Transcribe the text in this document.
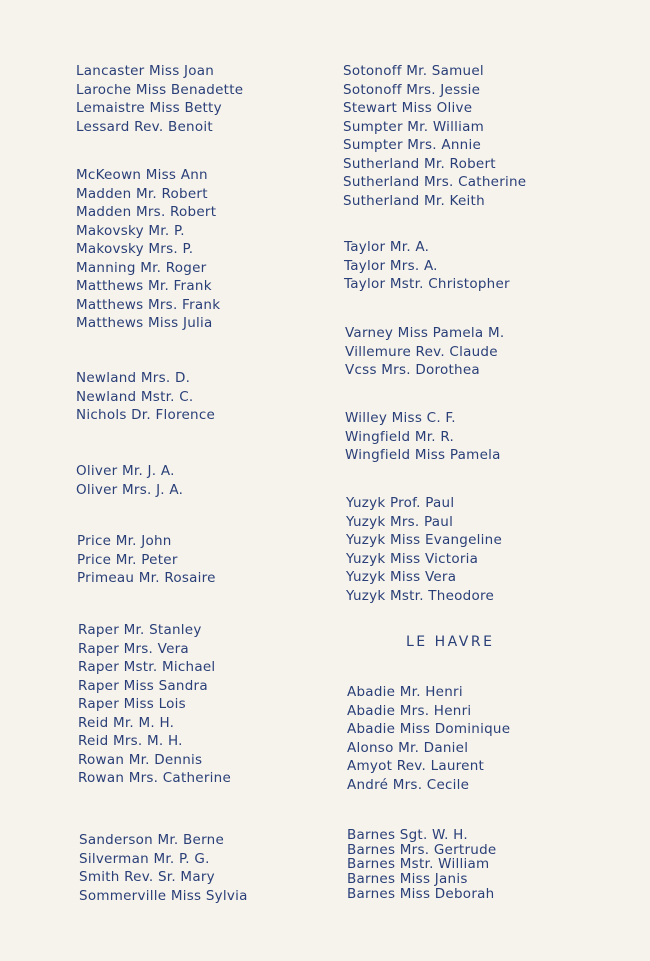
Lancaster Miss Joan
Laroche Miss Benadette
Lemaistre Miss Betty
Lessard Rev. Benoit
McKeown Miss Ann
Madden Mr. Robert
Madden Mrs. Robert
Makovsky Mr. P.
Makovsky Mrs. P.
Manning Mr. Roger
Matthews Mr. Frank
Matthews Mrs. Frank
Matthews Miss Julia
Newland Mrs. D.
Newland Mstr. C.
Nichols Dr. Florence
Oliver Mr. J. A.
Oliver Mrs. J. A.
Price Mr. John
Price Mr. Peter
Primeau Mr. Rosaire
Raper Mr. Stanley
Raper Mrs. Vera
Raper Mstr. Michael
Raper Miss Sandra
Raper Miss Lois
Reid Mr. M. H.
Reid Mrs. M. H.
Rowan Mr. Dennis
Rowan Mrs. Catherine
Sanderson Mr. Berne
Silverman Mr. P. G.
Smith Rev. Sr. Mary
Sommerville Miss Sylvia
Sotonoff Mr. Samuel
Sotonoff Mrs. Jessie
Stewart Miss Olive
Sumpter Mr. William
Sumpter Mrs. Annie
Sutherland Mr. Robert
Sutherland Mrs. Catherine
Sutherland Mr. Keith
Taylor Mr. A.
Taylor Mrs. A.
Taylor Mstr. Christopher
Varney Miss Pamela M.
Villemure Rev. Claude
Vcss Mrs. Dorothea
Willey Miss C. F.
Wingfield Mr. R.
Wingfield Miss Pamela
Yuzyk Prof. Paul
Yuzyk Mrs. Paul
Yuzyk Miss Evangeline
Yuzyk Miss Victoria
Yuzyk Miss Vera
Yuzyk Mstr. Theodore
LE HAVRE
Abadie Mr. Henri
Abadie Mrs. Henri
Abadie Miss Dominique
Alonso Mr. Daniel
Amyot Rev. Laurent
André Mrs. Cecile
Barnes Sgt. W. H.
Barnes Mrs. Gertrude
Barnes Mstr. William
Barnes Miss Janis
Barnes Miss Deborah
